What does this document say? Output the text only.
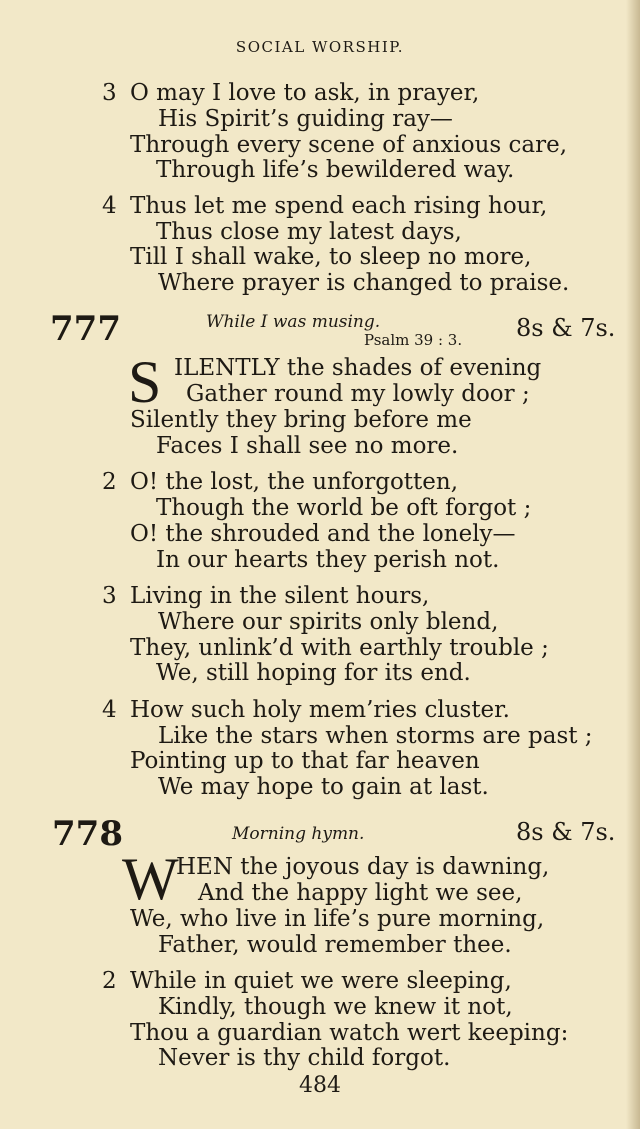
SOCIAL WORSHIP.
3 O may I love to ask, in prayer,
His Spirit’s guiding ray—
Through every scene of anxious care,
Through life’s bewildered way.
4 Thus let me spend each rising hour,
Thus close my latest days,
Till I shall wake, to sleep no more,
Where prayer is changed to praise.
777	While I was musing.
Psalm 39 : 3. 8s & 7s.
S ILENTLY the shades of evening
Gather round my lowly door ;
Silently they bring before me
Faces I shall see no more.
2 O! the lost, the unforgotten,
Though the world be oft forgot ;
O! the shrouded and the lonely—
In our hearts they perish not.
3 Living in the silent hours,
Where our spirits only blend,
They, unlink’d with earthly trouble ;
We, still hoping for its end.
4 How such holy mem’ries cluster.
Like the stars when storms are past ;
Pointing up to that far heaven
We may hope to gain at last.
778	Morning hymn.	8s & 7s.
W
HEN the joyous day is dawning,
And the happy light we see,
We, who live in life’s pure morning,
Father, would remember thee.
2 While in quiet we were sleeping,
Kindly, though we knew it not,
Thou a guardian watch wert keeping:
Never is thy child forgot.
484
